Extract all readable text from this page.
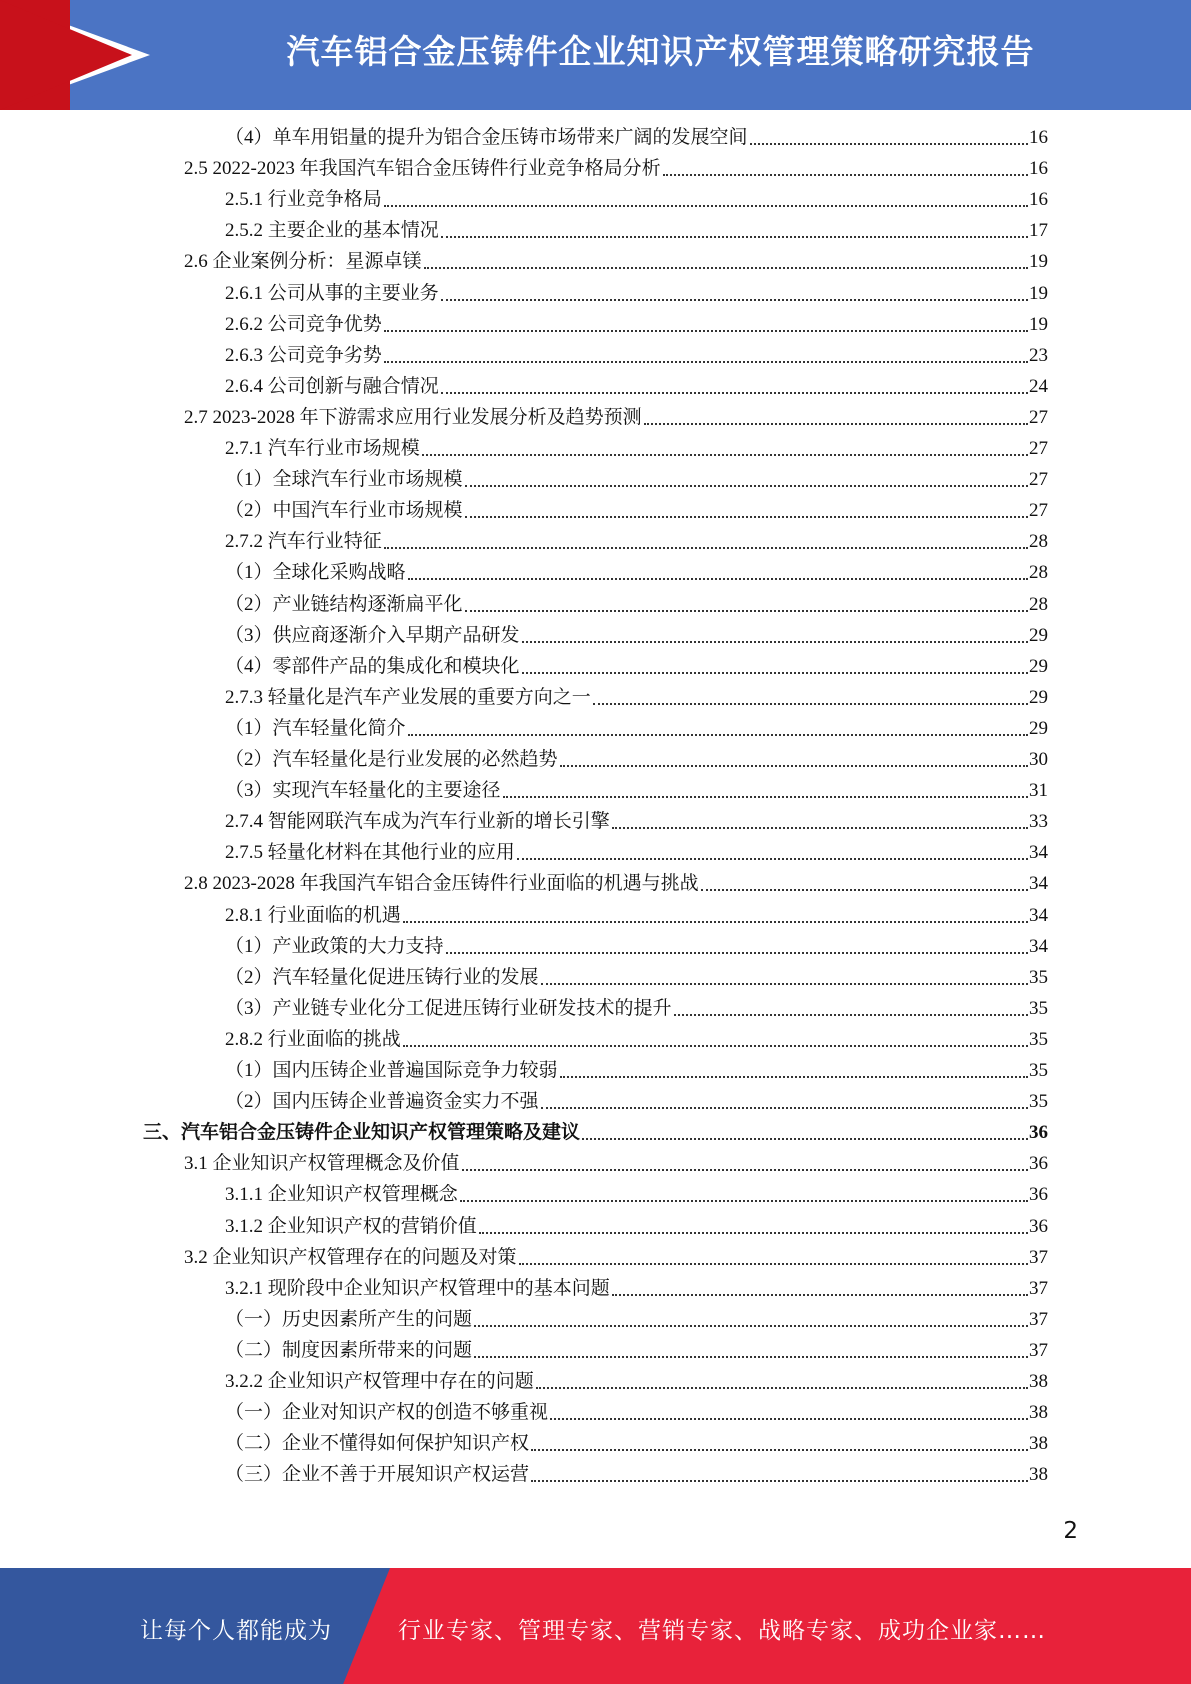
汽车铝合金压铸件企业知识产权管理策略研究报告
（4）单车用铝量的提升为铝合金压铸市场带来广阔的发展空间	16
2.5 2022-2023 年我国汽车铝合金压铸件行业竞争格局分析	16
2.5.1 行业竞争格局	16
2.5.2 主要企业的基本情况	17
2.6 企业案例分析：星源卓镁	19
2.6.1 公司从事的主要业务	19
2.6.2 公司竞争优势	19
2.6.3 公司竞争劣势	23
2.6.4 公司创新与融合情况	24
2.7 2023-2028 年下游需求应用行业发展分析及趋势预测	27
2.7.1 汽车行业市场规模	27
（1）全球汽车行业市场规模	27
（2）中国汽车行业市场规模	27
2.7.2 汽车行业特征	28
（1）全球化采购战略	28
（2）产业链结构逐渐扁平化	28
（3）供应商逐渐介入早期产品研发	29
（4）零部件产品的集成化和模块化	29
2.7.3 轻量化是汽车产业发展的重要方向之一	29
（1）汽车轻量化简介	29
（2）汽车轻量化是行业发展的必然趋势	30
（3）实现汽车轻量化的主要途径	31
2.7.4 智能网联汽车成为汽车行业新的增长引擎	33
2.7.5 轻量化材料在其他行业的应用	34
2.8 2023-2028 年我国汽车铝合金压铸件行业面临的机遇与挑战	34
2.8.1 行业面临的机遇	34
（1）产业政策的大力支持	34
（2）汽车轻量化促进压铸行业的发展	35
（3）产业链专业化分工促进压铸行业研发技术的提升	35
2.8.2 行业面临的挑战	35
（1）国内压铸企业普遍国际竞争力较弱	35
（2）国内压铸企业普遍资金实力不强	35
三、汽车铝合金压铸件企业知识产权管理策略及建议	36
3.1 企业知识产权管理概念及价值	36
3.1.1 企业知识产权管理概念	36
3.1.2 企业知识产权的营销价值	36
3.2 企业知识产权管理存在的问题及对策	37
3.2.1 现阶段中企业知识产权管理中的基本问题	37
（一）历史因素所产生的问题	37
（二）制度因素所带来的问题	37
3.2.2 企业知识产权管理中存在的问题	38
（一）企业对知识产权的创造不够重视	38
（二）企业不懂得如何保护知识产权	38
（三）企业不善于开展知识产权运营	38
2
让每个人都能成为	行业专家、管理专家、营销专家、战略专家、成功企业家……
